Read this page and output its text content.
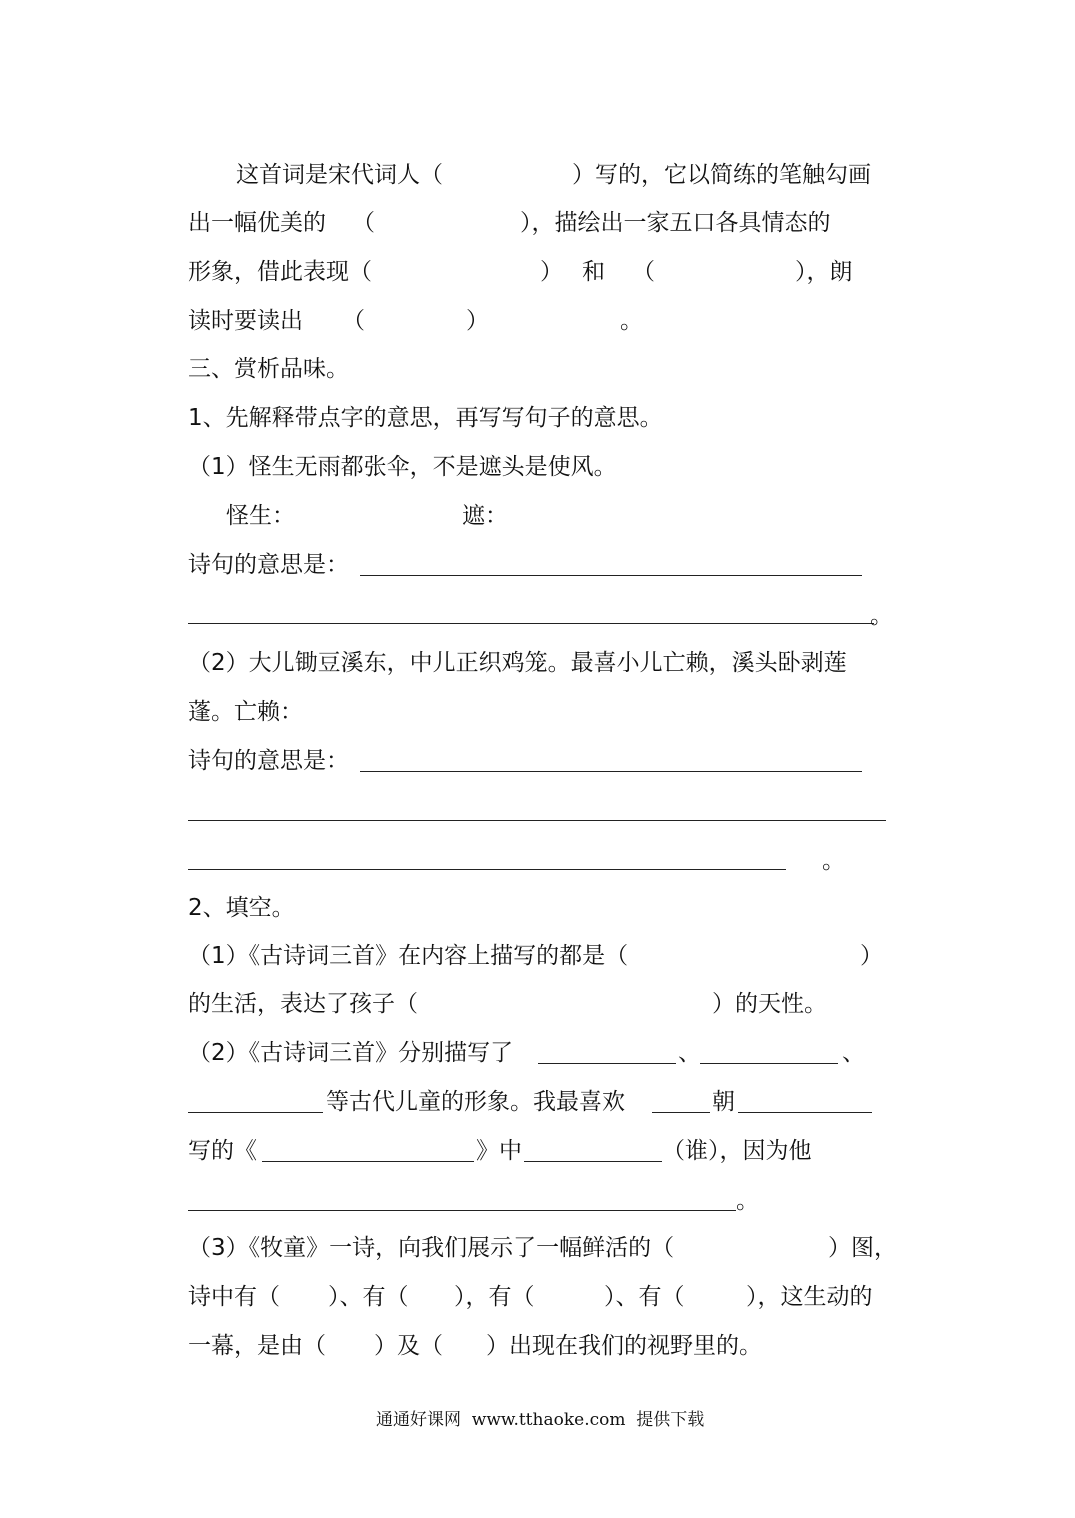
这首词是宋代词人（	）写的，它以简练的笔触勾画

出一幅优美的 （	），描绘出一家五口各具情态的

形象，借此表现（	） 和 （	），朗

读时要读出 （	）	。

三、赏析品味。

1、先解释带点字的意思，再写写句子的意思。

（1）怪生无雨都张伞，不是遮头是使风。

怪生：	遮：

诗句的意思是：

。

（2）大儿锄豆溪东，中儿正织鸡笼。最喜小儿亡赖，溪头卧剥莲

蓬。亡赖：

诗句的意思是：

。

2、填空。

（1）《古诗词三首》在内容上描写的都是（	）

的生活，表达了孩子（	）的天性。

（2）《古诗词三首》分别描写了	、	、

等古代儿童的形象。我最喜欢	朝

写的《	》中	（谁），因为他

。

（3）《牧童》一诗，向我们展示了一幅鲜活的（	）图，

诗中有（ ）、有（ ），有（	）、有（	），这生动的

一幕，是由（ ）及（ ）出现在我们的视野里的。

通通好课网  www.tthaoke.com  提供下载
